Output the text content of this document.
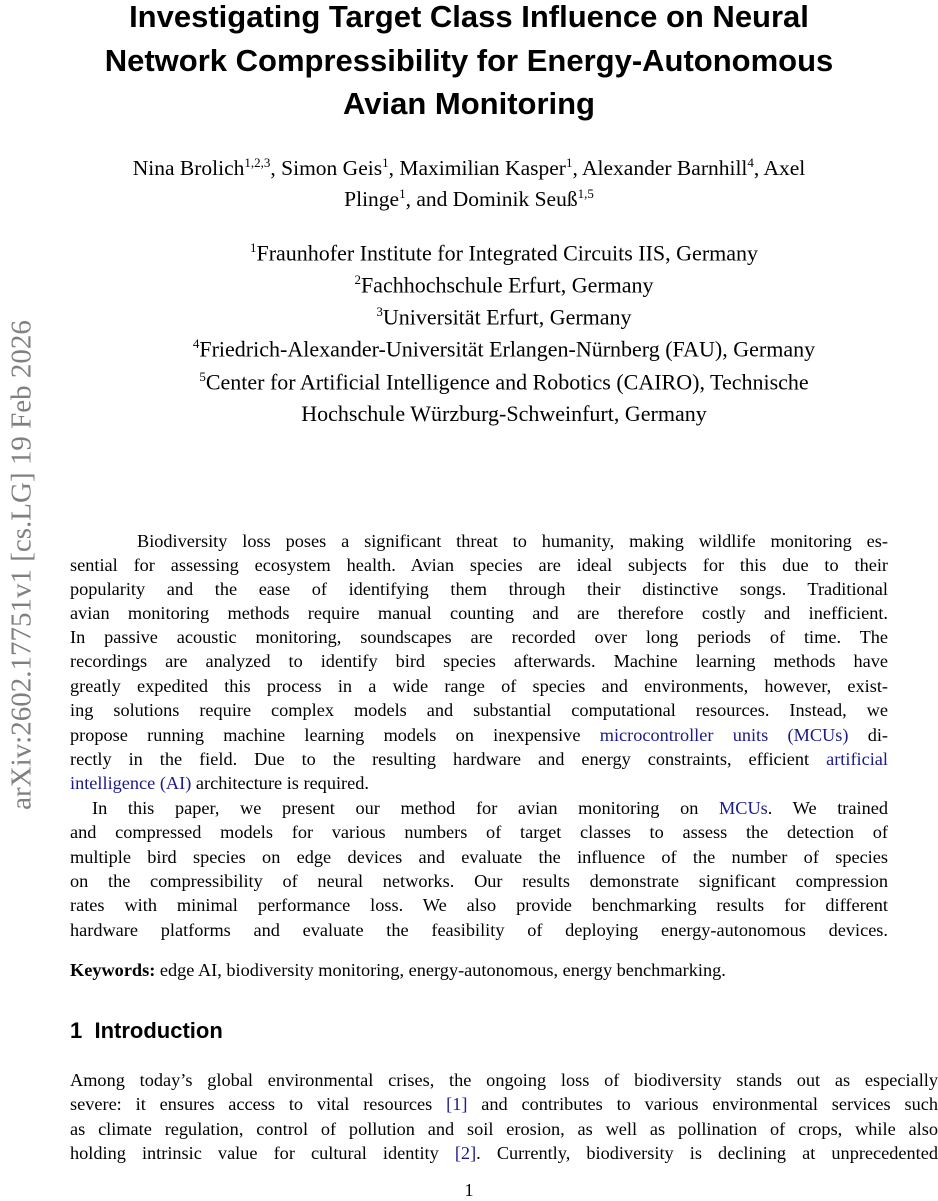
arXiv:2602.17751v1 [cs.LG] 19 Feb 2026
Investigating Target Class Influence on Neural
Network Compressibility for Energy-Autonomous
Avian Monitoring
Nina Brolich$^{1,2,3}$, Simon Geis$^1$, Maximilian Kasper$^1$, Alexander Barnhill$^4$, Axel
Plinge$^1$, and Dominik Seuß$^{1,5}$
$^1$Fraunhofer Institute for Integrated Circuits IIS, Germany
$^2$Fachhochschule Erfurt, Germany
$^3$Universität Erfurt, Germany
$^4$Friedrich-Alexander-Universität Erlangen-Nürnberg (FAU), Germany
$^5$Center for Artificial Intelligence and Robotics (CAIRO), Technische
Hochschule Würzburg-Schweinfurt, Germany
Biodiversity loss poses a significant threat to humanity, making wildlife monitoring es-
sential for assessing ecosystem health. Avian species are ideal subjects for this due to their
popularity and the ease of identifying them through their distinctive songs. Traditional
avian monitoring methods require manual counting and are therefore costly and inefficient.
In passive acoustic monitoring, soundscapes are recorded over long periods of time. The
recordings are analyzed to identify bird species afterwards. Machine learning methods have
greatly expedited this process in a wide range of species and environments, however, exist-
ing solutions require complex models and substantial computational resources. Instead, we
propose running machine learning models on inexpensive microcontroller units (MCUs) di-
rectly in the field. Due to the resulting hardware and energy constraints, efficient artificial
intelligence (AI) architecture is required.
In this paper, we present our method for avian monitoring on MCUs. We trained
and compressed models for various numbers of target classes to assess the detection of
multiple bird species on edge devices and evaluate the influence of the number of species
on the compressibility of neural networks. Our results demonstrate significant compression
rates with minimal performance loss. We also provide benchmarking results for different
hardware platforms and evaluate the feasibility of deploying energy-autonomous devices.
Keywords: edge AI, biodiversity monitoring, energy-autonomous, energy benchmarking.
1 Introduction
Among today’s global environmental crises, the ongoing loss of biodiversity stands out as especially
severe: it ensures access to vital resources [1] and contributes to various environmental services such
as climate regulation, control of pollution and soil erosion, as well as pollination of crops, while also
holding intrinsic value for cultural identity [2]. Currently, biodiversity is declining at unprecedented
1
